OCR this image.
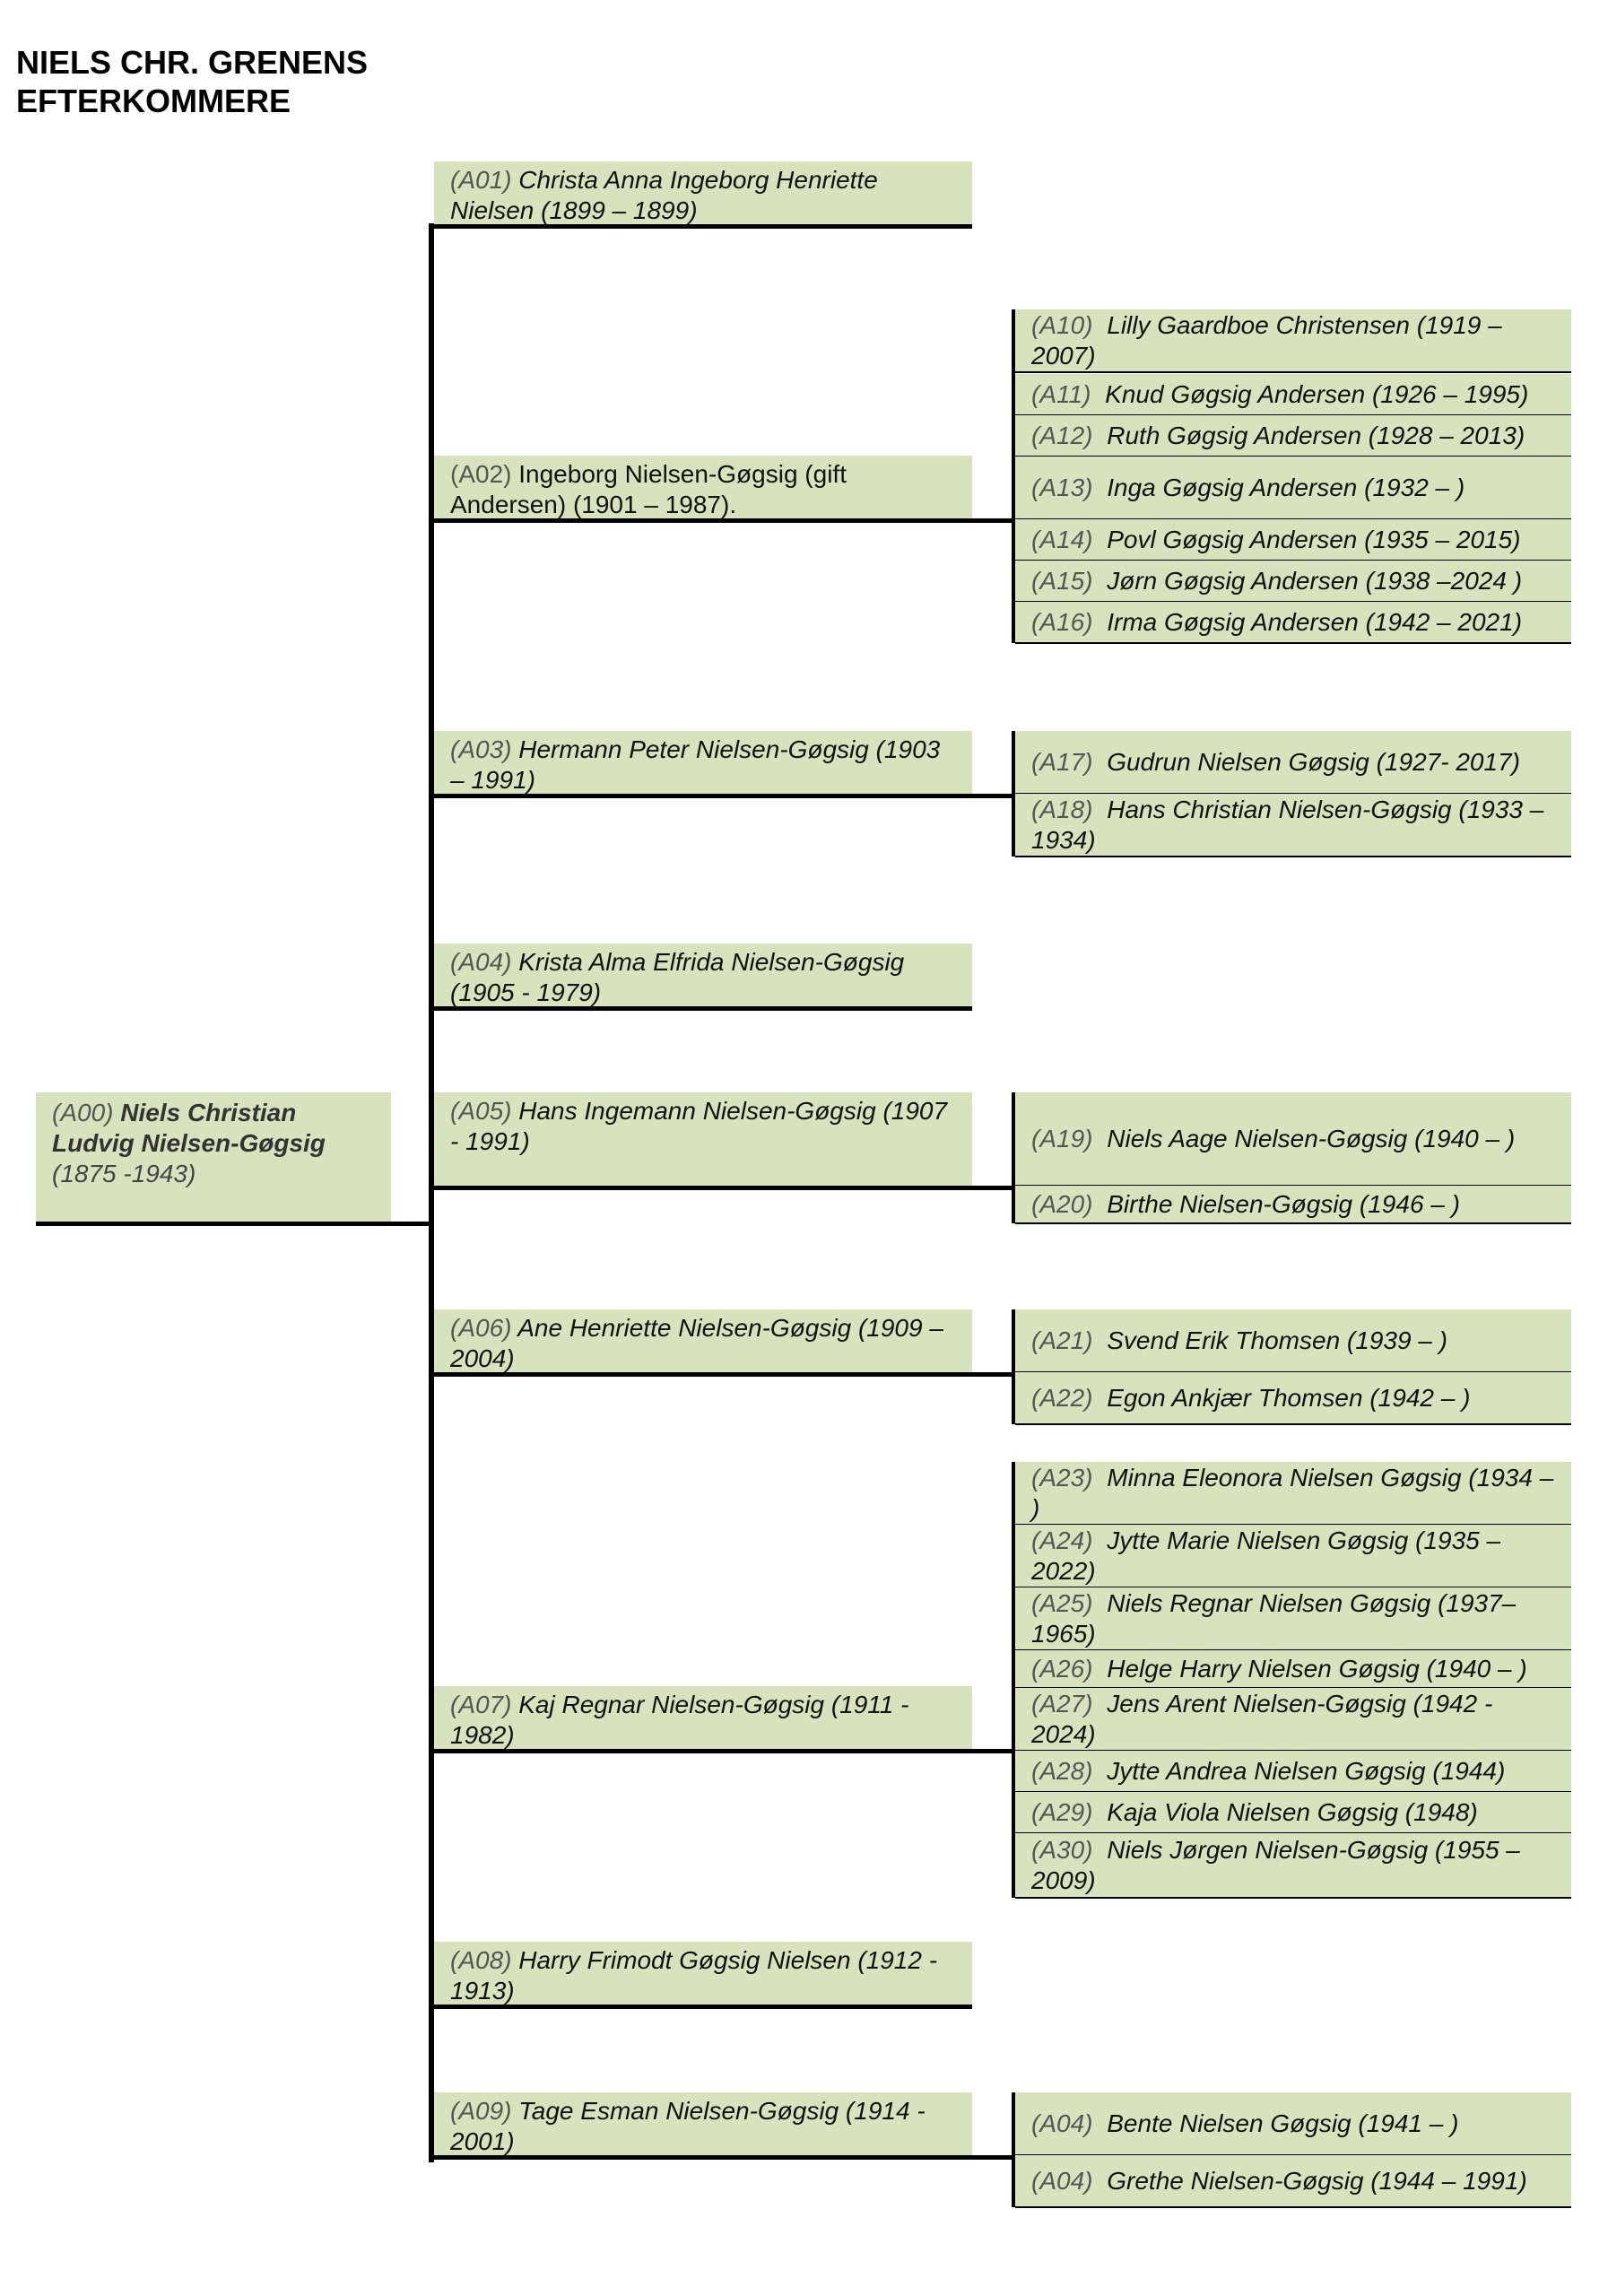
NIELS CHR. GRENENS
EFTERKOMMERE
(A00) Niels Christian Ludvig Nielsen-Gøgsig
(1875 -1943)
(A01) Christa Anna Ingeborg Henriette Nielsen (1899 – 1899)
(A02) Ingeborg Nielsen-Gøgsig (gift Andersen) (1901 – 1987).
(A03) Hermann Peter Nielsen-Gøgsig (1903 – 1991)
(A04) Krista Alma Elfrida Nielsen-Gøgsig (1905 - 1979)
(A05) Hans Ingemann Nielsen-Gøgsig (1907 - 1991)
(A06) Ane Henriette Nielsen-Gøgsig (1909 – 2004)
(A07) Kaj Regnar Nielsen-Gøgsig (1911 - 1982)
(A08) Harry Frimodt Gøgsig Nielsen (1912 - 1913)
(A09) Tage Esman Nielsen-Gøgsig (1914 - 2001)
(A10) Lilly Gaardboe Christensen (1919 – 2007)
(A11) Knud Gøgsig Andersen (1926 – 1995)
(A12) Ruth Gøgsig Andersen (1928 – 2013)
(A13) Inga Gøgsig Andersen (1932 – )
(A14) Povl Gøgsig Andersen (1935 – 2015)
(A15) Jørn Gøgsig Andersen (1938 –2024 )
(A16) Irma Gøgsig Andersen (1942 – 2021)
(A17) Gudrun Nielsen Gøgsig (1927- 2017)
(A18) Hans Christian Nielsen-Gøgsig (1933 – 1934)
(A19) Niels Aage Nielsen-Gøgsig (1940 – )
(A20) Birthe Nielsen-Gøgsig (1946 – )
(A21) Svend Erik Thomsen (1939 – )
(A22) Egon Ankjær Thomsen (1942 – )
(A23) Minna Eleonora Nielsen Gøgsig (1934 – )
(A24) Jytte Marie Nielsen Gøgsig (1935 – 2022)
(A25) Niels Regnar Nielsen Gøgsig (1937– 1965)
(A26) Helge Harry Nielsen Gøgsig (1940 – )
(A27) Jens Arent Nielsen-Gøgsig (1942 - 2024)
(A28) Jytte Andrea Nielsen Gøgsig (1944)
(A29) Kaja Viola Nielsen Gøgsig (1948)
(A30) Niels Jørgen Nielsen-Gøgsig (1955 – 2009)
(A04) Bente Nielsen Gøgsig (1941 – )
(A04) Grethe Nielsen-Gøgsig (1944 – 1991)
